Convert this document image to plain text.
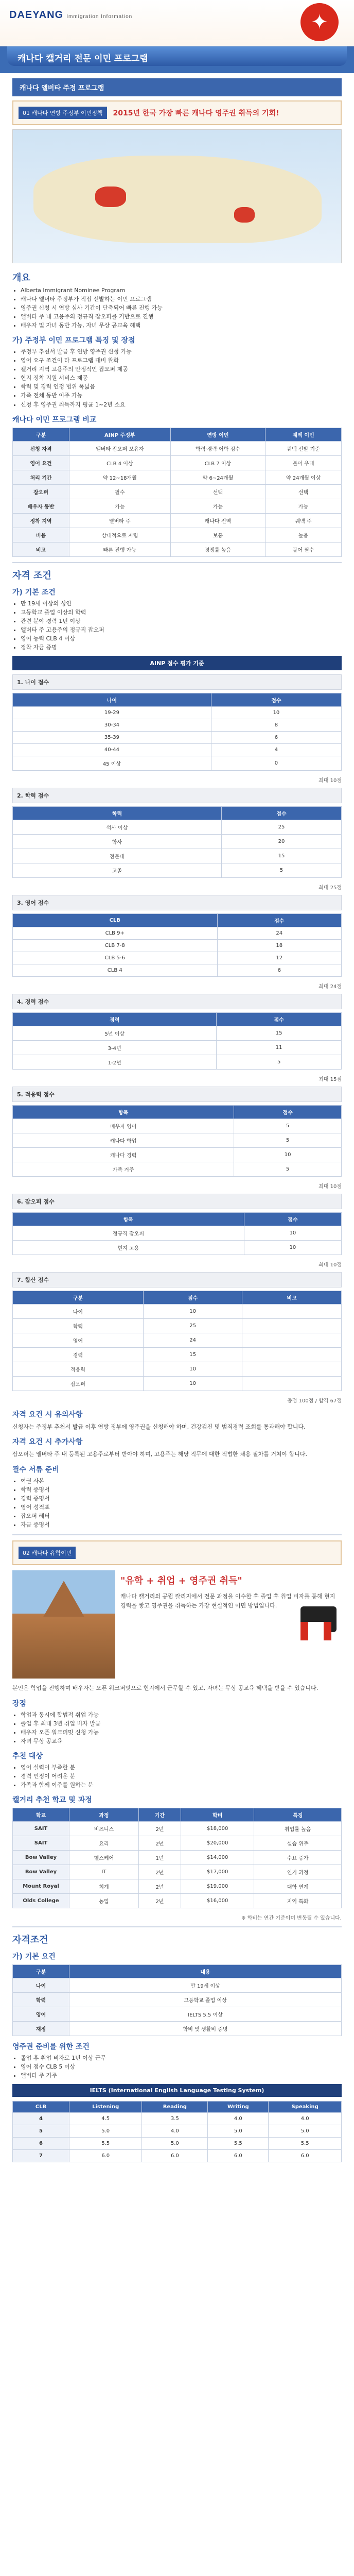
DAEYANG Immigration Information	✦
캐나다 캘거리 전문 이민 프로그램
캐나다 앨버타 주정 프로그램
01 캐나다 연방 주정부 이민정책	2015년 한국 가장 빠른 캐나다 영주권 취득의 기회!
개요
• Alberta Immigrant Nominee Program
• 캐나다 앨버타 주정부가 직접 선발하는 이민 프로그램
• 영주권 신청 시 연방 심사 기간이 단축되어 빠른 진행 가능
• 앨버타 주 내 고용주의 정규직 잡오퍼를 기반으로 진행
• 배우자 및 자녀 동반 가능, 자녀 무상 공교육 혜택
가) 주정부 이민 프로그램 특징 및 장점
• 주정부 추천서 발급 후 연방 영주권 신청 가능
• 영어 요구 조건이 타 프로그램 대비 완화
• 캘거리 지역 고용주의 안정적인 잡오퍼 제공
• 현지 정착 지원 서비스 제공
• 학력 및 경력 인정 범위 폭넓음
• 가족 전체 동반 이주 가능
• 신청 후 영주권 취득까지 평균 1~2년 소요
캐나다 이민 프로그램 비교
구분	AINP 주정부	연방 이민	퀘벡 이민
신청 자격	앨버타 잡오퍼 보유자	학력·경력·어학 점수	퀘벡 선발 기준
영어 요건	CLB 4 이상	CLB 7 이상	불어 우대
처리 기간	약 12~18개월	약 6~24개월	약 24개월 이상
잡오퍼	필수	선택	선택
배우자 동반	가능	가능	가능
정착 지역	앨버타 주	캐나다 전역	퀘벡 주
비용	상대적으로 저렴	보통	높음
비고	빠른 진행 가능	경쟁률 높음	불어 필수
자격 조건
가) 기본 조건
• 만 19세 이상의 성인
• 고등학교 졸업 이상의 학력
• 관련 분야 경력 1년 이상
• 앨버타 주 고용주의 정규직 잡오퍼
• 영어 능력 CLB 4 이상
• 정착 자금 증명
AINP 점수 평가 기준
1. 나이 점수
나이	점수
19-29	10
30-34	8
35-39	6
40-44	4
45 이상	0
최대 10점
2. 학력 점수
학력	점수
석사 이상	25
학사	20
전문대	15
고졸	5
최대 25점
3. 영어 점수
CLB	점수
CLB 9+	24
CLB 7-8	18
CLB 5-6	12
CLB 4	6
최대 24점
4. 경력 점수
경력	점수
5년 이상	15
3-4년	11
1-2년	5
최대 15점
5. 적응력 점수
항목	점수
배우자 영어	5
캐나다 학업	5
캐나다 경력	10
가족 거주	5
최대 10점
6. 잡오퍼 점수
항목	점수
정규직 잡오퍼	10
현지 고용	10
최대 10점
7. 합산 점수
구분	점수	비고
나이	10	
학력	25	
영어	24	
경력	15	
적응력	10	
잡오퍼	10	
총점 100점 / 합격 67점
자격 요건 시 유의사항
신청자는 주정부 추천서 발급 이후 연방 정부에 영주권을 신청해야 하며, 건강검진 및 범죄경력 조회를 통과해야 합니다.
자격 요건 시 추가사항
잡오퍼는 앨버타 주 내 등록된 고용주로부터 받아야 하며, 고용주는 해당 직무에 대한 적법한 채용 절차를 거쳐야 합니다.
필수 서류 준비
• 여권 사본
• 학력 증명서
• 경력 증명서
• 영어 성적표
• 잡오퍼 레터
• 자금 증명서
02 캐나다 유학이민
"유학 + 취업 + 영주권 취득"
캐나다 캘거리의 공립 칼리지에서 전문 과정을 이수한 후 졸업 후 취업 비자를 통해 현지 경력을 쌓고 영주권을 취득하는 가장 현실적인 이민 방법입니다.
본인은 학업을 진행하며 배우자는 오픈 워크퍼밋으로 현지에서 근무할 수 있고, 자녀는 무상 공교육 혜택을 받을 수 있습니다.
장점
• 학업과 동시에 합법적 취업 가능
• 졸업 후 최대 3년 취업 비자 발급
• 배우자 오픈 워크퍼밋 신청 가능
• 자녀 무상 공교육
추천 대상
• 영어 실력이 부족한 분
• 경력 인정이 어려운 분
• 가족과 함께 이주를 원하는 분
캘거리 추천 학교 및 과정
학교	과정	기간	학비	특징
SAIT	비즈니스	2년	$18,000	취업률 높음
SAIT	요리	2년	$20,000	실습 위주
Bow Valley	헬스케어	1년	$14,000	수요 증가
Bow Valley	IT	2년	$17,000	인기 과정
Mount Royal	회계	2년	$19,000	대학 연계
Olds College	농업	2년	$16,000	지역 특화
※ 학비는 연간 기준이며 변동될 수 있습니다.
자격조건
가) 기본 요건
구분	내용
나이	만 19세 이상
학력	고등학교 졸업 이상
영어	IELTS 5.5 이상
재정	학비 및 생활비 증명
영주권 준비를 위한 조건
• 졸업 후 취업 비자로 1년 이상 근무
• 영어 점수 CLB 5 이상
• 앨버타 주 거주
IELTS (International English Language Testing System)
CLB	Listening	Reading	Writing	Speaking
4	4.5	3.5	4.0	4.0
5	5.0	4.0	5.0	5.0
6	5.5	5.0	5.5	5.5
7	6.0	6.0	6.0	6.0
